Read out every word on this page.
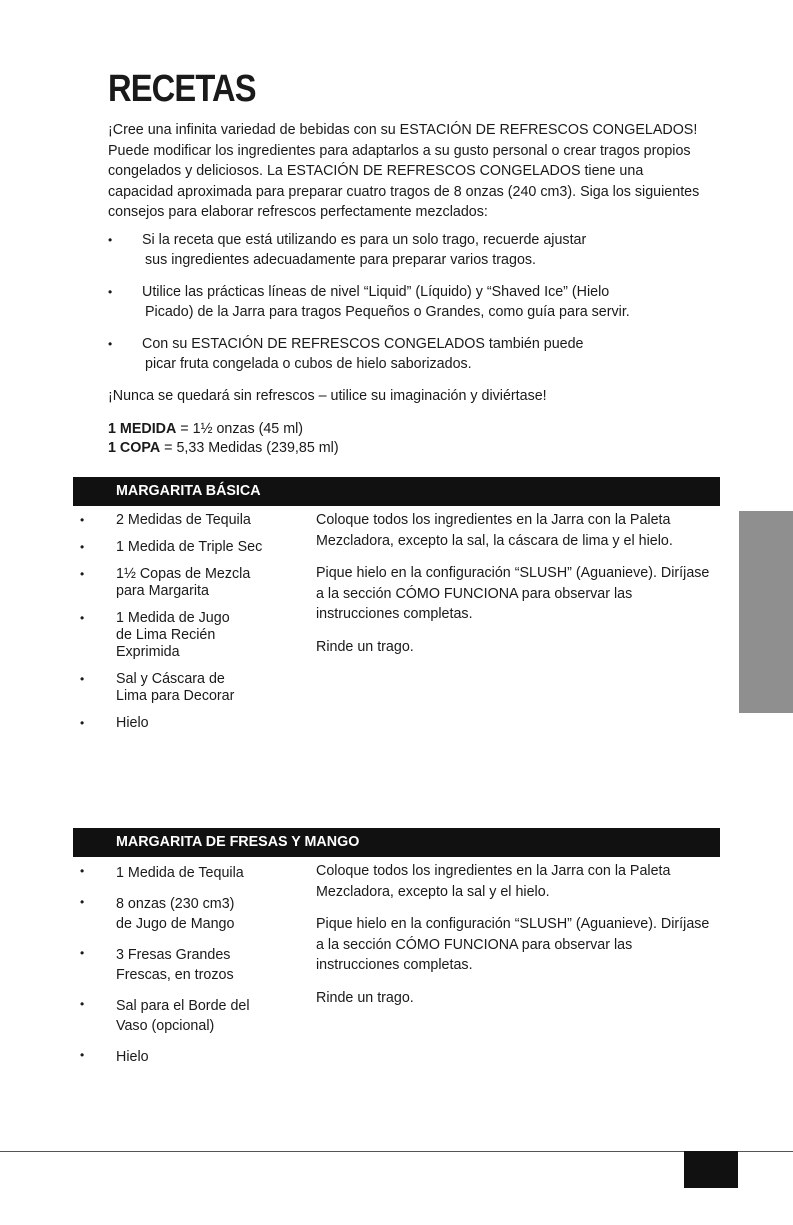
RECETAS

¡Cree una infinita variedad de bebidas con su ESTACIÓN DE REFRESCOS CONGELADOS! Puede modificar los ingredientes para adaptarlos a su gusto personal o crear tragos propios congelados y deliciosos. La ESTACIÓN DE REFRESCOS CONGELADOS tiene una capacidad aproximada para preparar cuatro tragos de 8 onzas (240 cm3). Siga los siguientes consejos para elaborar refrescos perfectamente mezclados:

• Si la receta que está utilizando es para un solo trago, recuerde ajustar
sus ingredientes adecuadamente para preparar varios tragos.
• Utilice las prácticas líneas de nivel “Liquid” (Líquido) y “Shaved Ice” (Hielo
Picado) de la Jarra para tragos Pequeños o Grandes, como guía para servir.
• Con su ESTACIÓN DE REFRESCOS CONGELADOS también puede
picar fruta congelada o cubos de hielo saborizados.

¡Nunca se quedará sin refrescos – utilice su imaginación y diviértase!

1 MEDIDA = 1½ onzas (45 ml)
1 COPA = 5,33 Medidas (239,85 ml)
MARGARITA BÁSICA
• 2 Medidas de Tequila
• 1 Medida de Triple Sec
• 1½ Copas de Mezcla
para Margarita
• 1 Medida de Jugo
de Lima Recién
Exprimida
• Sal y Cáscara de
Lima para Decorar
• Hielo

Coloque todos los ingredientes en la Jarra con la Paleta Mezcladora, excepto la sal, la cáscara de lima y el hielo.

Pique hielo en la configuración “SLUSH” (Aguanieve). Diríjase a la sección CÓMO FUNCIONA para observar las instrucciones completas.

Rinde un trago.

MARGARITA DE FRESAS Y MANGO
• 1 Medida de Tequila
• 8 onzas (230 cm3)
de Jugo de Mango
• 3 Fresas Grandes
Frescas, en trozos
• Sal para el Borde del
Vaso (opcional)
• Hielo

Coloque todos los ingredientes en la Jarra con la Paleta Mezcladora, excepto la sal y el hielo.

Pique hielo en la configuración “SLUSH” (Aguanieve). Diríjase a la sección CÓMO FUNCIONA para observar las instrucciones completas.

Rinde un trago.
